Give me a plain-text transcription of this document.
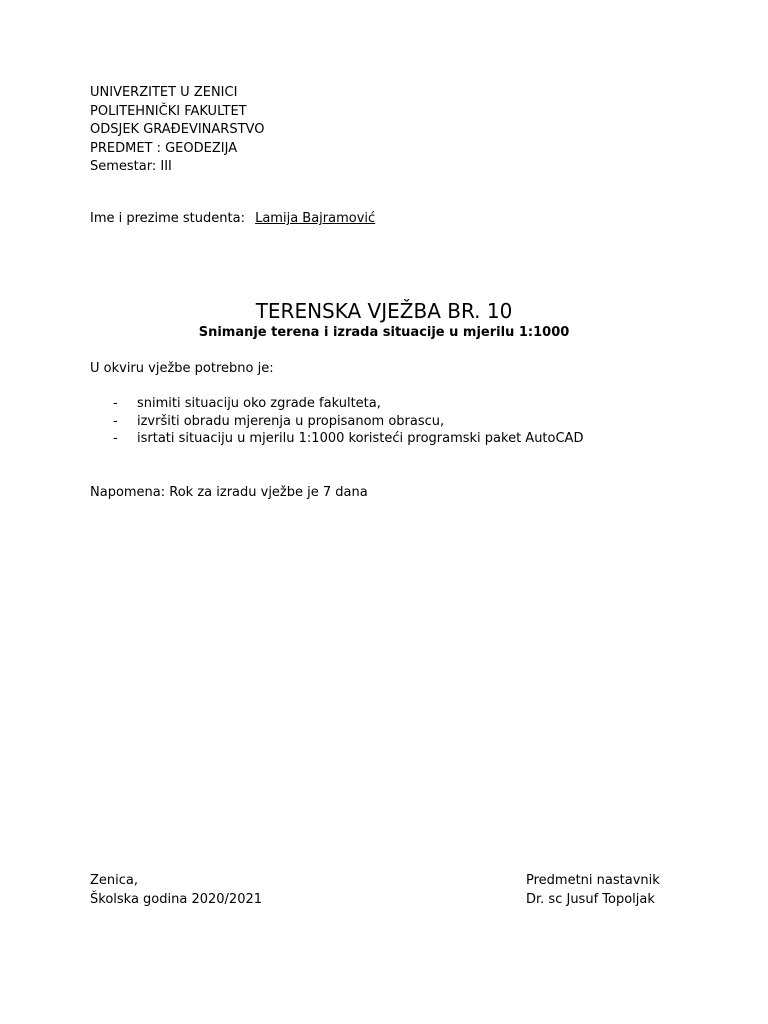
UNIVERZITET U ZENICI
POLITEHNIČKI FAKULTET
ODSJEK GRAĐEVINARSTVO
PREDMET : GEODEZIJA
Semestar: III
Ime i prezime studenta: Lamija Bajramović
TERENSKA VJEŽBA BR. 10
Snimanje terena i izrada situacije u mjerilu 1:1000
U okviru vježbe potrebno je:
- snimiti situaciju oko zgrade fakulteta,
- izvršiti obradu mjerenja u propisanom obrascu,
- isrtati situaciju u mjerilu 1:1000 koristeći programski paket AutoCAD
Napomena: Rok za izradu vježbe je 7 dana
Zenica,
Školska godina 2020/2021
Predmetni nastavnik
Dr. sc Jusuf Topoljak
